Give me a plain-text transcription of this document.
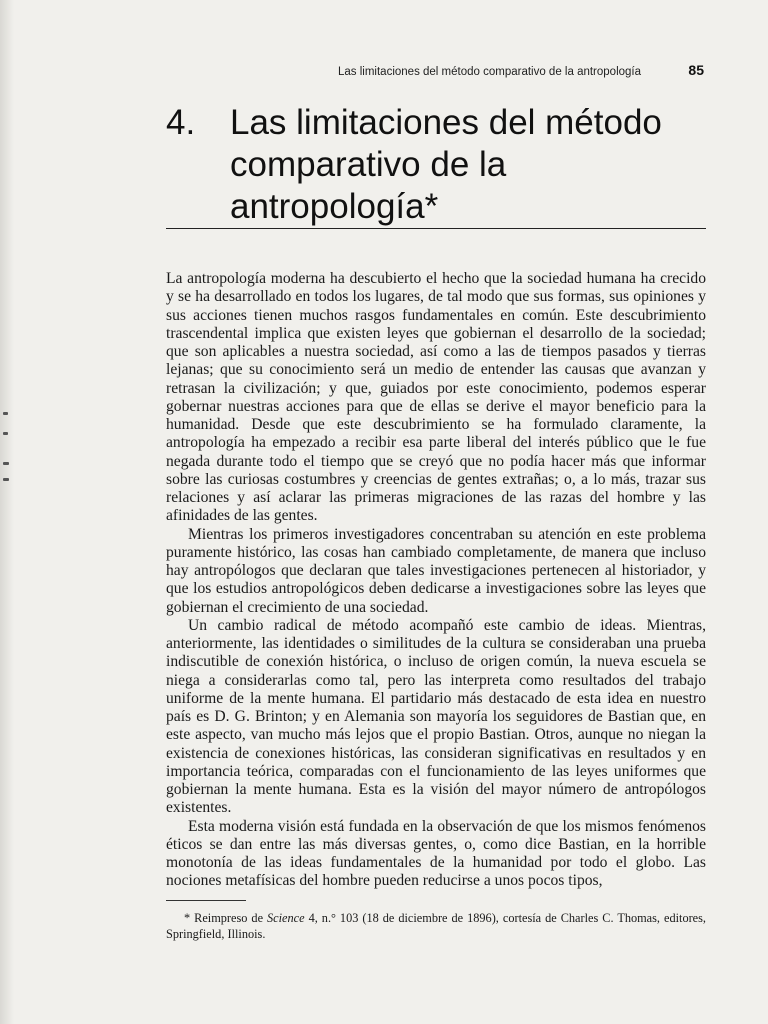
Las limitaciones del método comparativo de la antropología	85
4. Las limitaciones del método comparativo de la antropología*

La antropología moderna ha descubierto el hecho que la sociedad humana ha crecido y se ha desarrollado en todos los lugares, de tal modo que sus formas, sus opiniones y sus acciones tienen muchos rasgos fundamentales en común. Este descubrimiento trascendental implica que existen leyes que gobiernan el desarrollo de la sociedad; que son aplicables a nuestra sociedad, así como a las de tiempos pasados y tierras lejanas; que su conocimiento será un medio de entender las causas que avanzan y retrasan la civilización; y que, guiados por este conocimiento, podemos esperar gobernar nuestras acciones para que de ellas se derive el mayor beneficio para la humanidad. Desde que este descubrimiento se ha formulado claramente, la antropología ha empezado a recibir esa parte liberal del interés público que le fue negada durante todo el tiempo que se creyó que no podía hacer más que informar sobre las curiosas costumbres y creencias de gentes extrañas; o, a lo más, trazar sus relaciones y así aclarar las primeras migraciones de las razas del hombre y las afinidades de las gentes.

Mientras los primeros investigadores concentraban su atención en este problema puramente histórico, las cosas han cambiado completamente, de manera que incluso hay antropólogos que declaran que tales investigaciones pertenecen al historiador, y que los estudios antropológicos deben dedicarse a investigaciones sobre las leyes que gobiernan el crecimiento de una sociedad.

Un cambio radical de método acompañó este cambio de ideas. Mientras, anteriormente, las identidades o similitudes de la cultura se consideraban una prueba indiscutible de conexión histórica, o incluso de origen común, la nueva escuela se niega a considerarlas como tal, pero las interpreta como resultados del trabajo uniforme de la mente humana. El partidario más destacado de esta idea en nuestro país es D. G. Brinton; y en Alemania son mayoría los seguidores de Bastian que, en este aspecto, van mucho más lejos que el propio Bastian. Otros, aunque no niegan la existencia de conexiones históricas, las consideran significativas en resultados y en importancia teórica, comparadas con el funcionamiento de las leyes uniformes que gobiernan la mente humana. Esta es la visión del mayor número de antropólogos existentes.

Esta moderna visión está fundada en la observación de que los mismos fenómenos éticos se dan entre las más diversas gentes, o, como dice Bastian, en la horrible monotonía de las ideas fundamentales de la humanidad por todo el globo. Las nociones metafísicas del hombre pueden reducirse a unos pocos tipos,

* Reimpreso de Science 4, n.° 103 (18 de diciembre de 1896), cortesía de Charles C. Thomas, editores, Springfield, Illinois.
